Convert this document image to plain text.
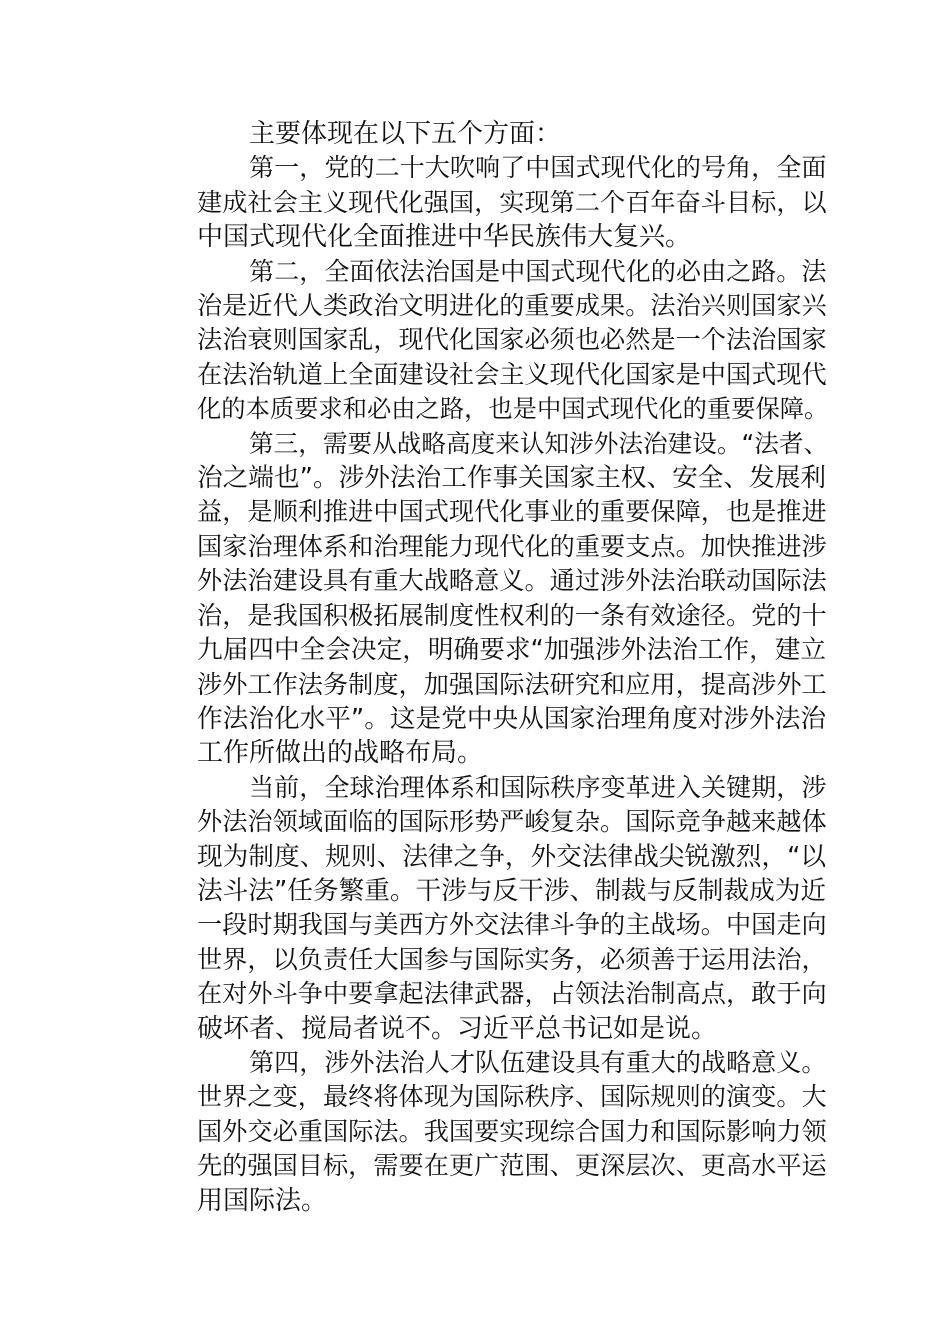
主要体现在以下五个方面：
第一，党的二十大吹响了中国式现代化的号角，全面
建成社会主义现代化强国，实现第二个百年奋斗目标，以
中国式现代化全面推进中华民族伟大复兴。
第二，全面依法治国是中国式现代化的必由之路。法
治是近代人类政治文明进化的重要成果。法治兴则国家兴
法治衰则国家乱，现代化国家必须也必然是一个法治国家
在法治轨道上全面建设社会主义现代化国家是中国式现代
化的本质要求和必由之路，也是中国式现代化的重要保障。
第三，需要从战略高度来认知涉外法治建设。“法者、
治之端也”。涉外法治工作事关国家主权、安全、发展利
益，是顺利推进中国式现代化事业的重要保障，也是推进
国家治理体系和治理能力现代化的重要支点。加快推进涉
外法治建设具有重大战略意义。通过涉外法治联动国际法
治，是我国积极拓展制度性权利的一条有效途径。党的十
九届四中全会决定，明确要求“加强涉外法治工作，建立
涉外工作法务制度，加强国际法研究和应用，提高涉外工
作法治化水平”。这是党中央从国家治理角度对涉外法治
工作所做出的战略布局。
当前，全球治理体系和国际秩序变革进入关键期，涉
外法治领域面临的国际形势严峻复杂。国际竞争越来越体
现为制度、规则、法律之争，外交法律战尖锐激烈，“以
法斗法”任务繁重。干涉与反干涉、制裁与反制裁成为近
一段时期我国与美西方外交法律斗争的主战场。中国走向
世界，以负责任大国参与国际实务，必须善于运用法治，
在对外斗争中要拿起法律武器，占领法治制高点，敢于向
破坏者、搅局者说不。习近平总书记如是说。
第四，涉外法治人才队伍建设具有重大的战略意义。
世界之变，最终将体现为国际秩序、国际规则的演变。大
国外交必重国际法。我国要实现综合国力和国际影响力领
先的强国目标，需要在更广范围、更深层次、更高水平运
用国际法。
